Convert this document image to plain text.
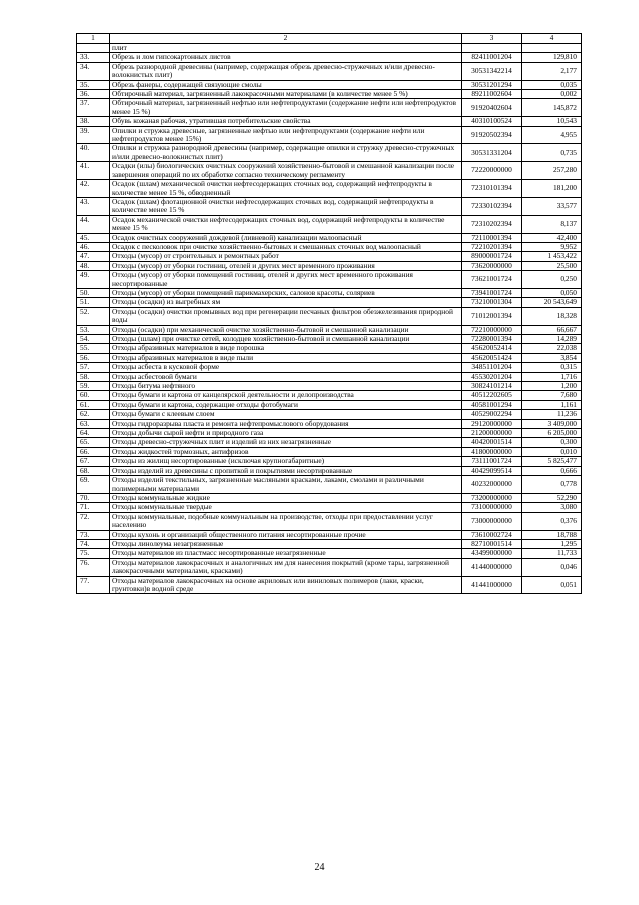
1	2	3	4
	плит		
33.	Обрезь и лом гипсокартонных листов	82411001204	129,810
34.	Обрезь разнородной древесины (например, содержащая обрезь древесно-стружечных и/или древесно-волокнистых плит)	30531342214	2,177
35.	Обрезь фанеры, содержащей связующие смолы	30531201294	0,035
36.	Обтирочный материал, загрязненный лакокрасочными материалами (в количестве менее 5 %)	89211002604	0,002
37.	Обтирочный материал, загрязненный нефтью или нефтепродуктами (содержание нефти или нефтепродуктов менее 15 %)	91920402604	145,872
38.	Обувь кожаная рабочая, утратившая потребительские свойства	40310100524	10,543
39.	Опилки и стружка древесные, загрязненные нефтью или нефтепродуктами (содержание нефти или нефтепродуктов менее 15%)	91920502394	4,955
40.	Опилки и стружка разнородной древесины (например, содержащие опилки и стружку древесно-стружечных и/или древесно-волокнистых плит)	30531331204	0,735
41.	Осадки (илы) биологических очистных сооружений хозяйственно-бытовой и смешанной канализации после завершения операций по их обработке согласно техническому регламенту	72220000000	257,280
42.	Осадок (шлам) механической очистки нефтесодержащих сточных вод, содержащий нефтепродукты в количестве менее 15 %, обводненный	72310101394	181,200
43.	Осадок (шлам) флотационной очистки нефтесодержащих сточных вод, содержащий нефтепродукты в количестве менее 15 %	72330102394	33,577
44.	Осадок механической очистки нефтесодержащих сточных вод, содержащий нефтепродукты в количестве менее 15 %	72310202394	8,137
45.	Осадок очистных сооружений дождевой (ливневой) канализации малоопасный	72110001394	42,400
46.	Осадок с песколовок при очистке хозяйственно-бытовых и смешанных сточных вод малоопасный	72210201394	9,952
47.	Отходы (мусор) от строительных и ремонтных работ	89000001724	1 453,422
48.	Отходы (мусор) от уборки гостиниц, отелей и других мест временного проживания	73620000000	25,500
49.	Отходы (мусор) от уборки помещений гостиниц, отелей и других мест временного проживания несортированные	73621001724	0,250
50.	Отходы (мусор) от уборки помещений парикмахерских, салонов красоты, соляриев	73941001724	0,050
51.	Отходы (осадки) из выгребных ям	73210001304	20 543,649
52.	Отходы (осадки) очистки промывных вод при регенерации песчаных фильтров обезжелезивания природной воды	71012001394	18,328
53.	Отходы (осадки) при механической очистке хозяйственно-бытовой и смешанной канализации	72210000000	66,667
54.	Отходы (шлам) при очистке сетей, колодцев хозяйственно-бытовой и смешанной канализации	72280001394	14,289
55.	Отходы абразивных материалов в виде порошка	45620052414	22,038
56.	Отходы абразивных материалов в виде пыли	45620051424	3,854
57.	Отходы асбеста в кусковой форме	34851101204	0,315
58.	Отходы асбестовой бумаги	45530201204	1,716
59.	Отходы битума нефтяного	30824101214	1,200
60.	Отходы бумаги и картона от канцелярской деятельности и делопроизводства	40512202605	7,680
61.	Отходы бумаги и картона, содержащие отходы фотобумаги	40581001294	1,161
62.	Отходы бумаги с клеевым слоем	40529002294	11,236
63.	Отходы гидроразрыва пласта и ремонта нефтепромыслового оборудования	29120000000	3 409,000
64.	Отходы добычи сырой нефти и природного газа	21200000000	6 205,000
65.	Отходы древесно-стружечных плит и изделий из них незагрязненные	40420001514	0,300
66.	Отходы жидкостей тормозных, антифризов	41800000000	0,010
67.	Отходы из жилищ несортированные (исключая крупногабаритные)	73111001724	5 825,477
68.	Отходы изделий из древесины с пропиткой и покрытиями несортированные	40429099514	0,666
69.	Отходы изделий текстильных, загрязненные масляными красками, лаками, смолами и различными полимерными материалами	40232000000	0,778
70.	Отходы коммунальные жидкие	73200000000	52,290
71.	Отходы коммунальные твердые	73100000000	3,080
72.	Отходы коммунальные, подобные коммунальным на производстве, отходы при предоставлении услуг населению	73000000000	0,376
73.	Отходы кухонь и организаций общественного питания несортированные прочие	73610002724	18,788
74.	Отходы линолеума незагрязненные	82710001514	1,295
75.	Отходы материалов из пластмасс несортированные незагрязненные	43499000000	11,733
76.	Отходы материалов лакокрасочных и аналогичных им для нанесения покрытий (кроме тары, загрязненной лакокрасочными материалами, красками)	41440000000	0,046
77.	Отходы материалов лакокрасочных на основе акриловых или виниловых полимеров (лаки, краски, грунтовки)в водной среде	41441000000	0,051
24
